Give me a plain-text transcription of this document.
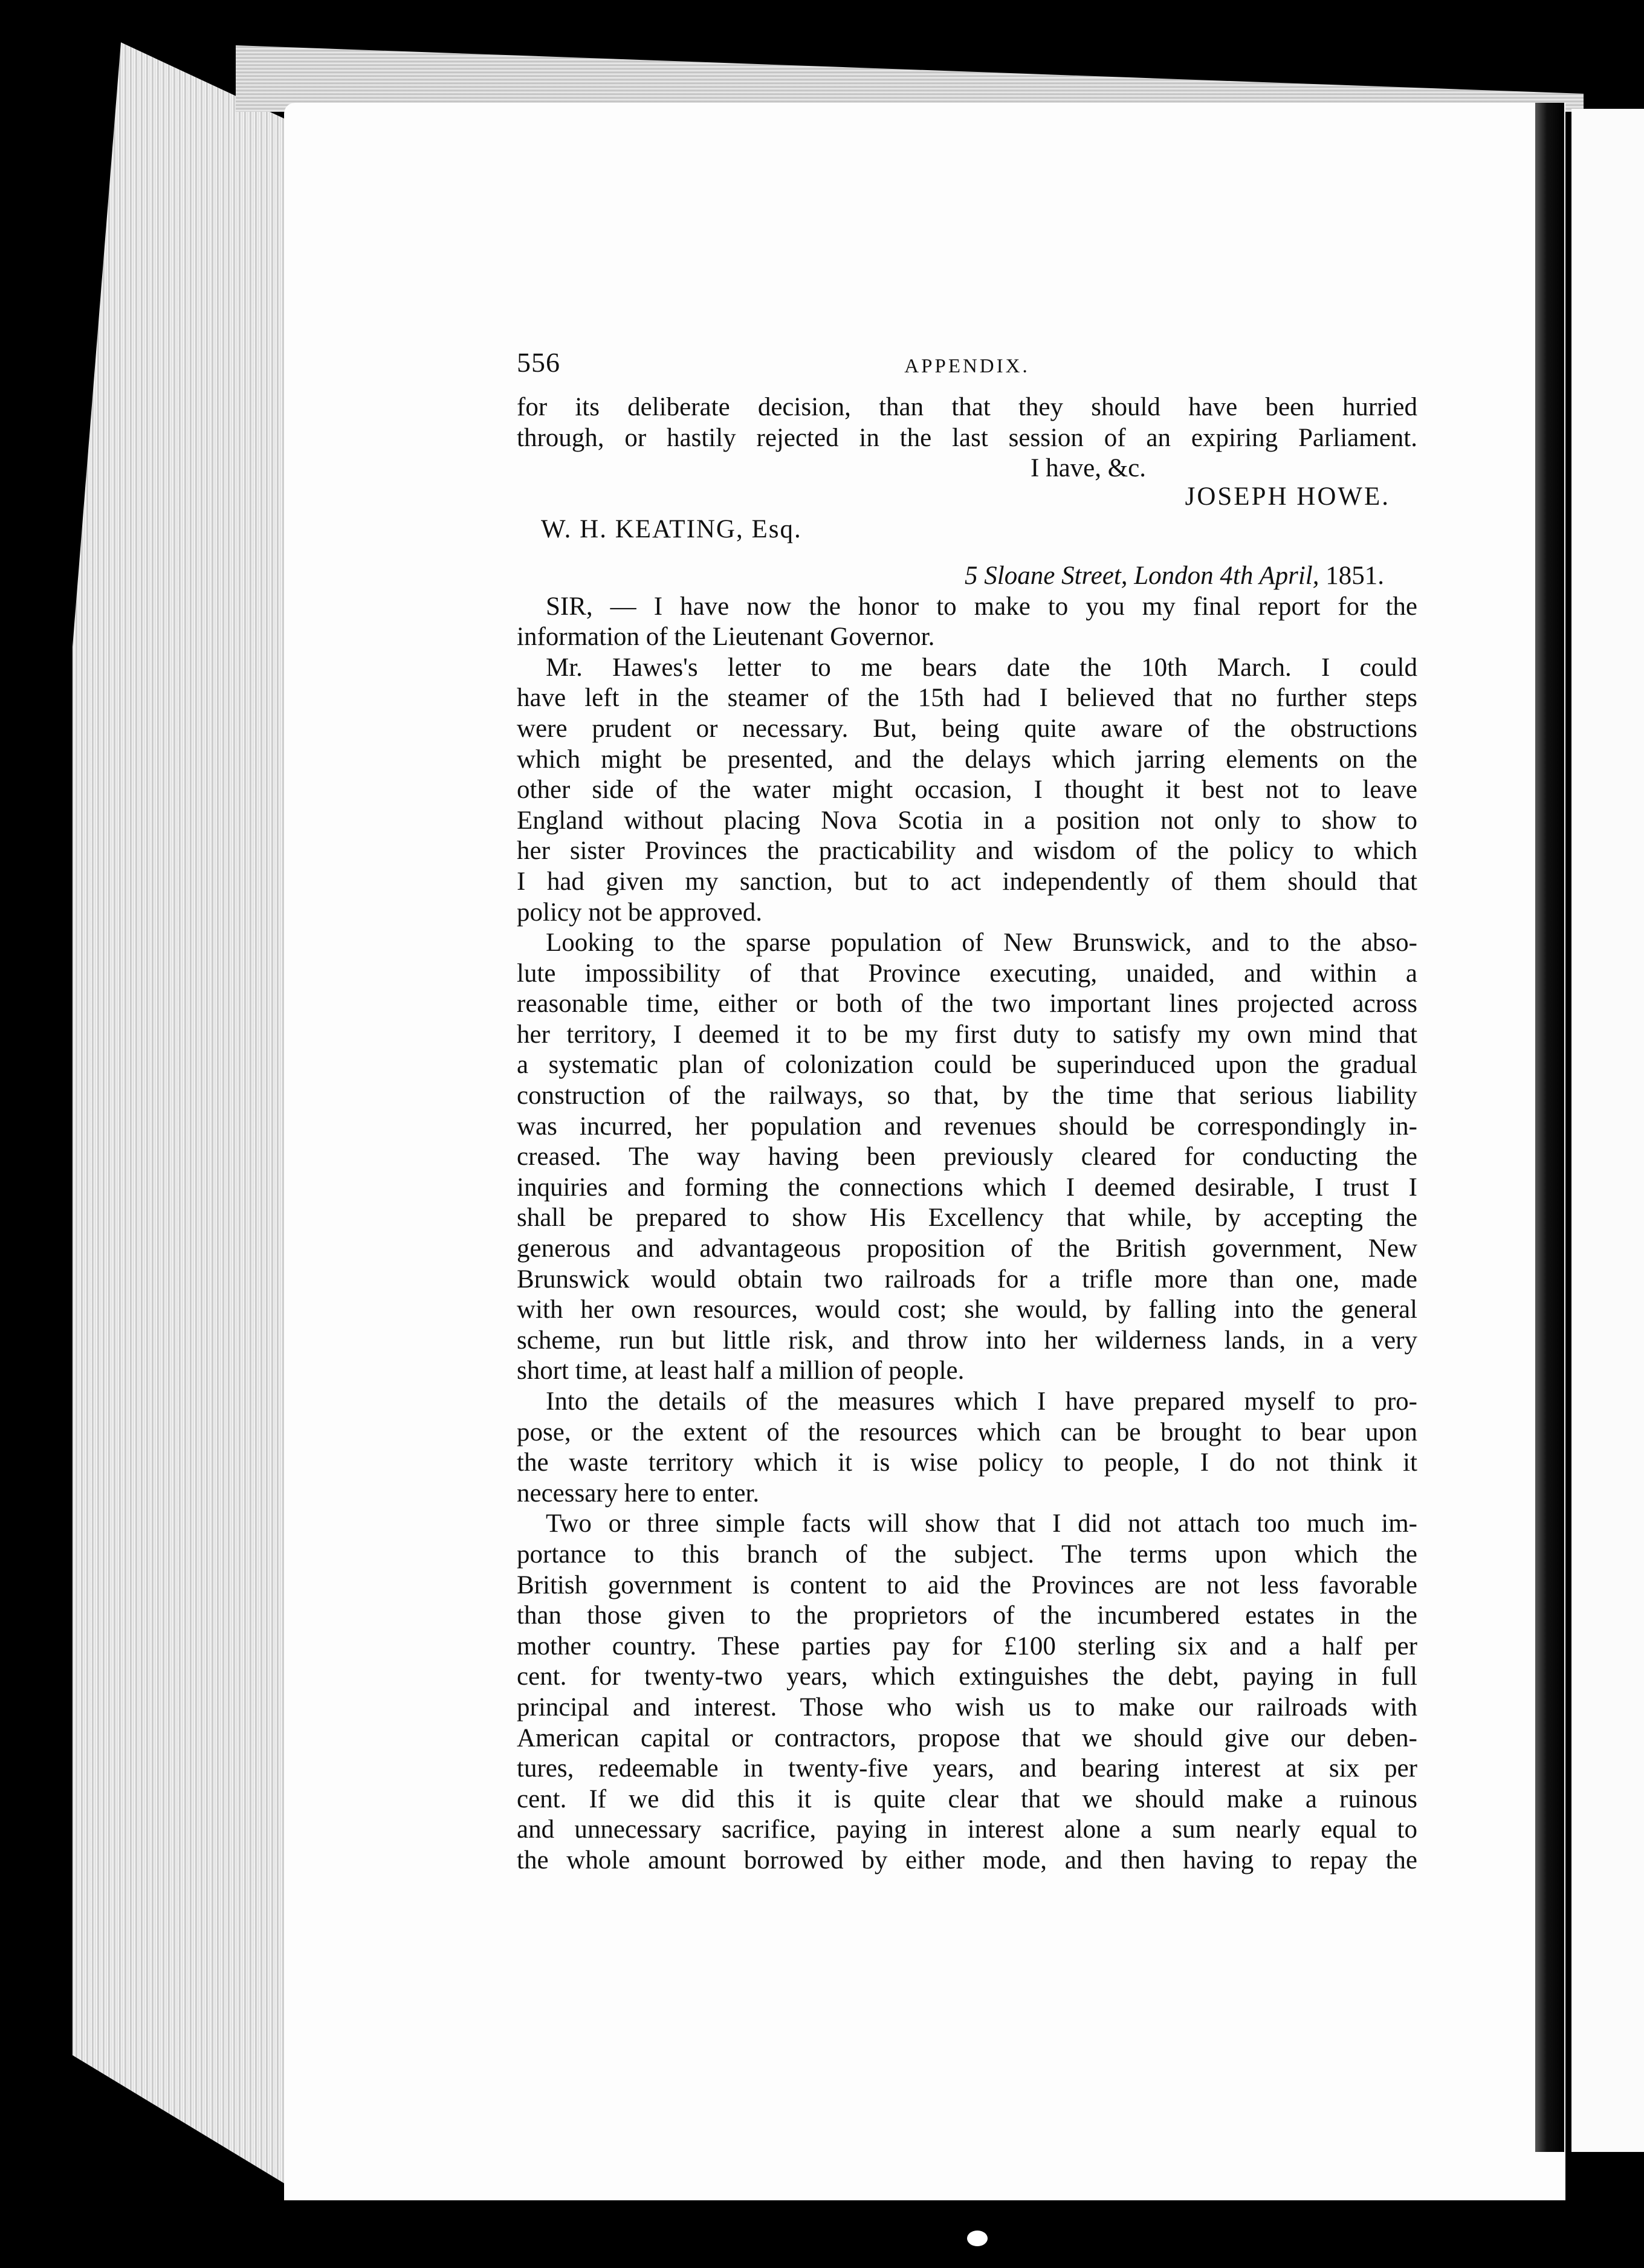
556	APPENDIX.
for its deliberate decision, than that they should have been hurried
through, or hastily rejected in the last session of an expiring Parliament.
I have, &c.
JOSEPH HOWE.
W. H. KEATING, Esq.
5 Sloane Street, London 4th April, 1851.
SIR, — I have now the honor to make to you my final report for the
information of the Lieutenant Governor.
Mr. Hawes's letter to me bears date the 10th March. I could
have left in the steamer of the 15th had I believed that no further steps
were prudent or necessary. But, being quite aware of the obstructions
which might be presented, and the delays which jarring elements on the
other side of the water might occasion, I thought it best not to leave
England without placing Nova Scotia in a position not only to show to
her sister Provinces the practicability and wisdom of the policy to which
I had given my sanction, but to act independently of them should that
policy not be approved.
Looking to the sparse population of New Brunswick, and to the abso-
lute impossibility of that Province executing, unaided, and within a
reasonable time, either or both of the two important lines projected across
her territory, I deemed it to be my first duty to satisfy my own mind that
a systematic plan of colonization could be superinduced upon the gradual
construction of the railways, so that, by the time that serious liability
was incurred, her population and revenues should be correspondingly in-
creased. The way having been previously cleared for conducting the
inquiries and forming the connections which I deemed desirable, I trust I
shall be prepared to show His Excellency that while, by accepting the
generous and advantageous proposition of the British government, New
Brunswick would obtain two railroads for a trifle more than one, made
with her own resources, would cost; she would, by falling into the general
scheme, run but little risk, and throw into her wilderness lands, in a very
short time, at least half a million of people.
Into the details of the measures which I have prepared myself to pro-
pose, or the extent of the resources which can be brought to bear upon
the waste territory which it is wise policy to people, I do not think it
necessary here to enter.
Two or three simple facts will show that I did not attach too much im-
portance to this branch of the subject. The terms upon which the
British government is content to aid the Provinces are not less favorable
than those given to the proprietors of the incumbered estates in the
mother country. These parties pay for £100 sterling six and a half per
cent. for twenty-two years, which extinguishes the debt, paying in full
principal and interest. Those who wish us to make our railroads with
American capital or contractors, propose that we should give our deben-
tures, redeemable in twenty-five years, and bearing interest at six per
cent. If we did this it is quite clear that we should make a ruinous
and unnecessary sacrifice, paying in interest alone a sum nearly equal to
the whole amount borrowed by either mode, and then having to repay the
